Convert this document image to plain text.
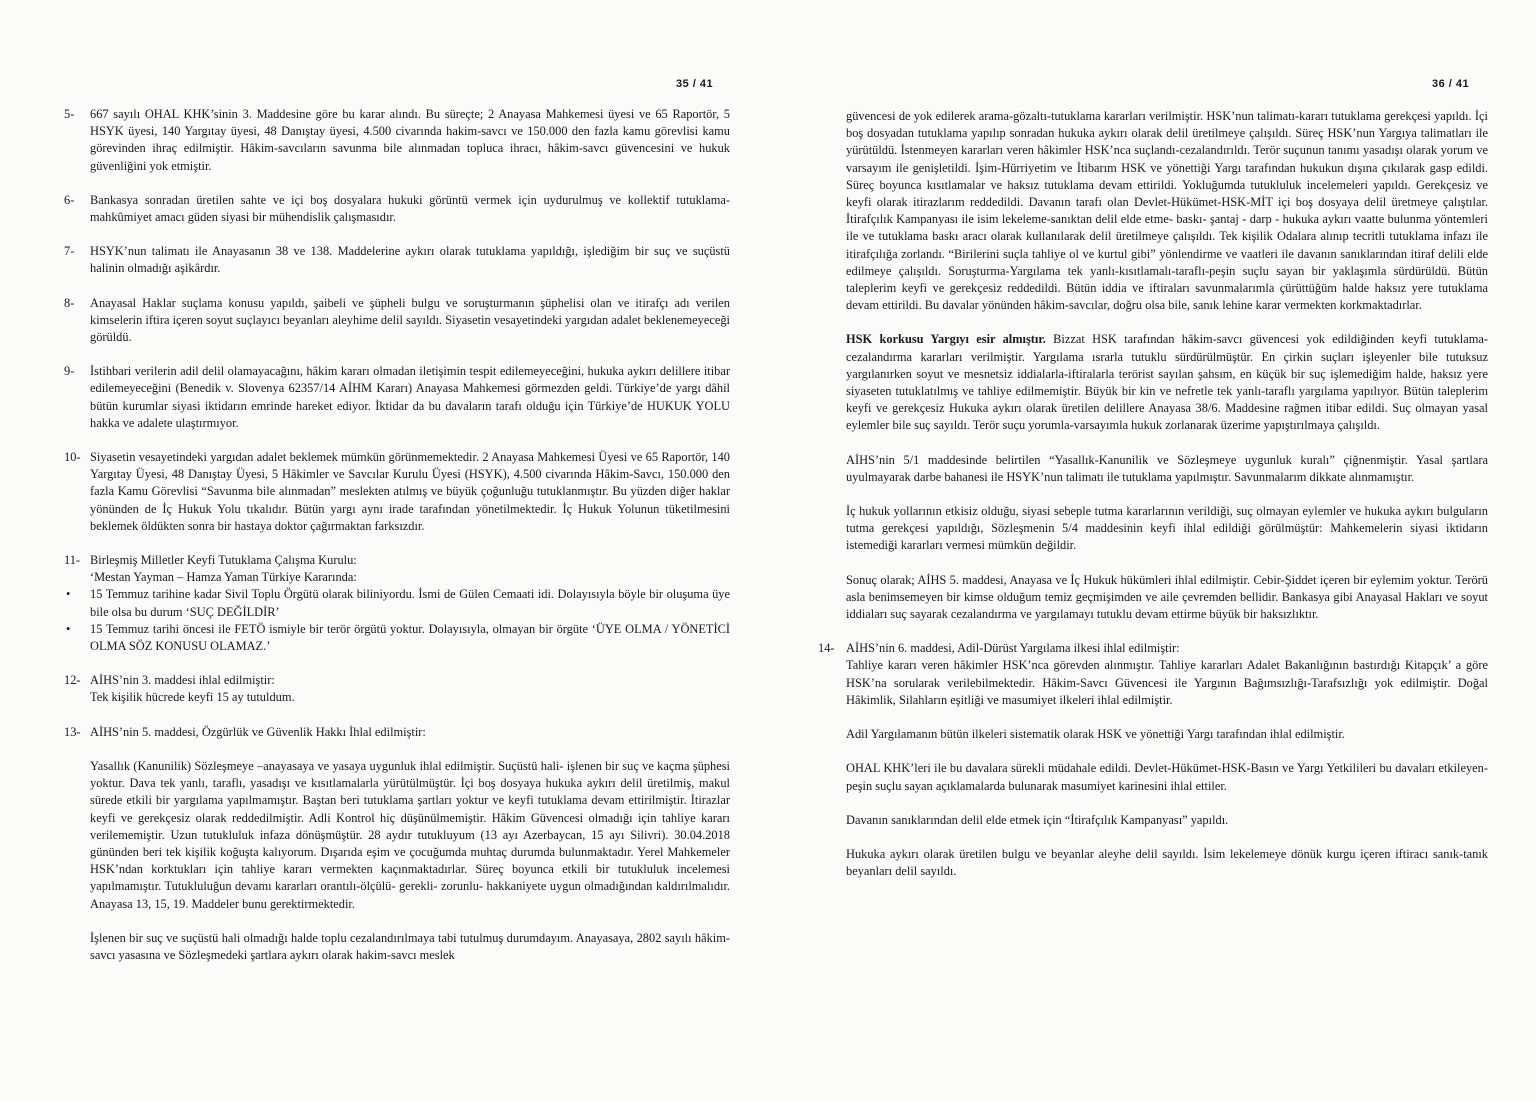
35 / 41
5-	667 sayılı OHAL KHK’sinin 3. Maddesine göre bu karar alındı. Bu süreçte; 2 Anayasa Mahkemesi üyesi ve 65 Raportör, 5 HSYK üyesi, 140 Yargıtay üyesi, 48 Danıştay üyesi, 4.500 civarında hakim-savcı ve 150.000 den fazla kamu görevlisi kamu görevinden ihraç edilmiştir. Hâkim-savcıların savunma bile alınmadan topluca ihracı, hâkim-savcı güvencesini ve hukuk güvenliğini yok etmiştir.

6-	Bankasya sonradan üretilen sahte ve içi boş dosyalara hukuki görüntü vermek için uydurulmuş ve kollektif tutuklama- mahkûmiyet amacı güden siyasi bir mühendislik çalışmasıdır.

7-	HSYK’nun talimatı ile Anayasanın 38 ve 138. Maddelerine aykırı olarak tutuklama yapıldığı, işlediğim bir suç ve suçüstü halinin olmadığı aşikârdır.

8-	Anayasal Haklar suçlama konusu yapıldı, şaibeli ve şüpheli bulgu ve soruşturmanın şüphelisi olan ve itirafçı adı verilen kimselerin iftira içeren soyut suçlayıcı beyanları aleyhime delil sayıldı. Siyasetin vesayetindeki yargıdan adalet beklenemeyeceği görüldü.

9-	İstihbari verilerin adil delil olamayacağını, hâkim kararı olmadan iletişimin tespit edilemeyeceğini, hukuka aykırı delillere itibar edilemeyeceğini (Benedik v. Slovenya 62357/14 AİHM Kararı) Anayasa Mahkemesi görmezden geldi. Türkiye’de yargı dâhil bütün kurumlar siyasi iktidarın emrinde hareket ediyor. İktidar da bu davaların tarafı olduğu için Türkiye’de HUKUK YOLU hakka ve adalete ulaştırmıyor.

10- Siyasetin vesayetindeki yargıdan adalet beklemek mümkün görünmemektedir. 2 Anayasa Mahkemesi Üyesi ve 65 Raportör, 140 Yargıtay Üyesi, 48 Danıştay Üyesi, 5 Hâkimler ve Savcılar Kurulu Üyesi (HSYK), 4.500 civarında Hâkim-Savcı, 150.000 den fazla Kamu Görevlisi “Savunma bile alınmadan” meslekten atılmış ve büyük çoğunluğu tutuklanmıştır. Bu yüzden diğer haklar yönünden de İç Hukuk Yolu tıkalıdır. Bütün yargı aynı irade tarafından yönetilmektedir. İç Hukuk Yolunun tüketilmesini beklemek öldükten sonra bir hastaya doktor çağırmaktan farksızdır.

11- Birleşmiş Milletler Keyfi Tutuklama Çalışma Kurulu:

‘Mestan Yayman – Hamza Yaman Türkiye Kararında:

• 15 Temmuz tarihine kadar Sivil Toplu Örgütü olarak biliniyordu. İsmi de Gülen Cemaati idi. Dolayısıyla böyle bir oluşuma üye bile olsa bu durum ‘SUÇ DEĞİLDİR’
• 15 Temmuz tarihi öncesi ile FETÖ ismiyle bir terör örgütü yoktur. Dolayısıyla, olmayan bir örgüte ‘ÜYE OLMA / YÖNETİCİ OLMA SÖZ KONUSU OLAMAZ.’
12- AİHS’nin 3. maddesi ihlal edilmiştir:

Tek kişilik hücrede keyfi 15 ay tutuldum.

13- AİHS’nin 5. maddesi, Özgürlük ve Güvenlik Hakkı İhlal edilmiştir:

Yasallık (Kanunilik) Sözleşmeye –anayasaya ve yasaya uygunluk ihlal edilmiştir. Suçüstü hali- işlenen bir suç ve kaçma şüphesi yoktur. Dava tek yanlı, taraflı, yasadışı ve kısıtlamalarla yürütülmüştür. İçi boş dosyaya hukuka aykırı delil üretilmiş, makul sürede etkili bir yargılama yapılmamıştır. Baştan beri tutuklama şartları yoktur ve keyfi tutuklama devam ettirilmiştir. İtirazlar keyfi ve gerekçesiz olarak reddedilmiştir. Adli Kontrol hiç düşünülmemiştir. Hâkim Güvencesi olmadığı için tahliye kararı verilememiştir. Uzun tutukluluk infaza dönüşmüştür. 28 aydır tutukluyum (13 ayı Azerbaycan, 15 ayı Silivri). 30.04.2018 gününden beri tek kişilik koğuşta kalıyorum. Dışarıda eşim ve çocuğumda muhtaç durumda bulunmaktadır. Yerel Mahkemeler HSK’ndan korktukları için tahliye kararı vermekten kaçınmaktadırlar. Süreç boyunca etkili bir tutukluluk incelemesi yapılmamıştır. Tutukluluğun devamı kararları orantılı-ölçülü- gerekli- zorunlu- hakkaniyete uygun olmadığından kaldırılmalıdır. Anayasa 13, 15, 19. Maddeler bunu gerektirmektedir.

İşlenen bir suç ve suçüstü hali olmadığı halde toplu cezalandırılmaya tabi tutulmuş durumdayım. Anayasaya, 2802 sayılı hâkim-savcı yasasına ve Sözleşmedeki şartlara aykırı olarak hakim-savcı meslek

36 / 41

güvencesi de yok edilerek arama-gözaltı-tutuklama kararları verilmiştir. HSK’nun talimatı-kararı tutuklama gerekçesi yapıldı. İçi boş dosyadan tutuklama yapılıp sonradan hukuka aykırı olarak delil üretilmeye çalışıldı. Süreç HSK’nun Yargıya talimatları ile yürütüldü. İstenmeyen kararları veren hâkimler HSK’nca suçlandı-cezalandırıldı. Terör suçunun tanımı yasadışı olarak yorum ve varsayım ile genişletildi. İşim-Hürriyetim ve İtibarım HSK ve yönettiği Yargı tarafından hukukun dışına çıkılarak gasp edildi. Süreç boyunca kısıtlamalar ve haksız tutuklama devam ettirildi. Yokluğumda tutukluluk incelemeleri yapıldı. Gerekçesiz ve keyfi olarak itirazlarım reddedildi. Davanın tarafı olan Devlet-Hükümet-HSK-MİT içi boş dosyaya delil üretmeye çalıştılar. İtirafçılık Kampanyası ile isim lekeleme-sanıktan delil elde etme- baskı- şantaj - darp - hukuka aykırı vaatte bulunma yöntemleri ile ve tutuklama baskı aracı olarak kullanılarak delil üretilmeye çalışıldı. Tek kişilik Odalara alınıp tecritli tutuklama infazı ile itirafçılığa zorlandı. “Birilerini suçla tahliye ol ve kurtul gibi” yönlendirme ve vaatleri ile davanın sanıklarından itiraf delili elde edilmeye çalışıldı. Soruşturma-Yargılama tek yanlı-kısıtlamalı-taraflı-peşin suçlu sayan bir yaklaşımla sürdürüldü. Bütün taleplerim keyfi ve gerekçesiz reddedildi. Bütün iddia ve iftiraları savunmalarımla çürüttüğüm halde haksız yere tutuklama devam ettirildi. Bu davalar yönünden hâkim-savcılar, doğru olsa bile, sanık lehine karar vermekten korkmaktadırlar.

HSK korkusu Yargıyı esir almıştır. Bizzat HSK tarafından hâkim-savcı güvencesi yok edildiğinden keyfi tutuklama-cezalandırma kararları verilmiştir. Yargılama ısrarla tutuklu sürdürülmüştür. En çirkin suçları işleyenler bile tutuksuz yargılanırken soyut ve mesnetsiz iddialarla-iftiralarla terörist sayılan şahsım, en küçük bir suç işlemediğim halde, haksız yere siyaseten tutuklatılmış ve tahliye edilmemiştir. Büyük bir kin ve nefretle tek yanlı-taraflı yargılama yapılıyor. Bütün taleplerim keyfi ve gerekçesiz Hukuka aykırı olarak üretilen delillere Anayasa 38/6. Maddesine rağmen itibar edildi. Suç olmayan yasal eylemler bile suç sayıldı. Terör suçu yorumla-varsayımla hukuk zorlanarak üzerime yapıştırılmaya çalışıldı.

AİHS’nin 5/1 maddesinde belirtilen “Yasallık-Kanunilik ve Sözleşmeye uygunluk kuralı” çiğnenmiştir. Yasal şartlara uyulmayarak darbe bahanesi ile HSYK’nun talimatı ile tutuklama yapılmıştır. Savunmalarım dikkate alınmamıştır.

İç hukuk yollarının etkisiz olduğu, siyasi sebeple tutma kararlarının verildiği, suç olmayan eylemler ve hukuka aykırı bulguların tutma gerekçesi yapıldığı, Sözleşmenin 5/4 maddesinin keyfi ihlal edildiği görülmüştür: Mahkemelerin siyasi iktidarın istemediği kararları vermesi mümkün değildir.

Sonuç olarak; AİHS 5. maddesi, Anayasa ve İç Hukuk hükümleri ihlal edilmiştir. Cebir-Şiddet içeren bir eylemim yoktur. Terörü asla benimsemeyen bir kimse olduğum temiz geçmişimden ve aile çevremden bellidir. Bankasya gibi Anayasal Hakları ve soyut iddiaları suç sayarak cezalandırma ve yargılamayı tutuklu devam ettirme büyük bir haksızlıktır.

14- AİHS’nin 6. maddesi, Adil-Dürüst Yargılama ilkesi ihlal edilmiştir:

Tahliye kararı veren hâkimler HSK’nca görevden alınmıştır. Tahliye kararları Adalet Bakanlığının bastırdığı Kitapçık’ a göre HSK’na sorularak verilebilmektedir. Hâkim-Savcı Güvencesi ile Yargının Bağımsızlığı-Tarafsızlığı yok edilmiştir. Doğal Hâkimlik, Silahların eşitliği ve masumiyet ilkeleri ihlal edilmiştir.

Adil Yargılamanın bütün ilkeleri sistematik olarak HSK ve yönettiği Yargı tarafından ihlal edilmiştir.

OHAL KHK’leri ile bu davalara sürekli müdahale edildi. Devlet-Hükümet-HSK-Basın ve Yargı Yetkilileri bu davaları etkileyen- peşin suçlu sayan açıklamalarda bulunarak masumiyet karinesini ihlal ettiler.

Davanın sanıklarından delil elde etmek için “İtirafçılık Kampanyası” yapıldı.

Hukuka aykırı olarak üretilen bulgu ve beyanlar aleyhe delil sayıldı. İsim lekelemeye dönük kurgu içeren iftiracı sanık-tanık beyanları delil sayıldı.
